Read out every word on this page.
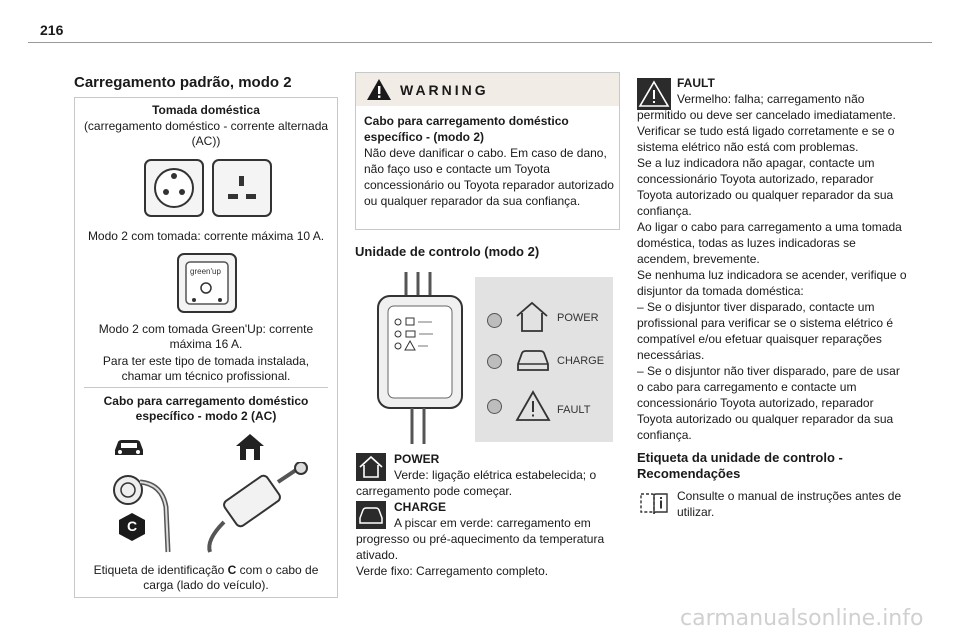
216
Carregamento padrão, modo 2
Tomada doméstica
(carregamento doméstico - corrente alternada (AC))
Modo 2 com tomada: corrente máxima 10 A.
green'up
Modo 2 com tomada Green'Up: corrente máxima 16 A.
Para ter este tipo de tomada instalada, chamar um técnico profissional.
Cabo para carregamento doméstico específico - modo 2 (AC)
C
Etiqueta de identificação C com o cabo de carga (lado do veículo).
WARNING
Cabo para carregamento doméstico específico - (modo 2)
Não deve danificar o cabo. Em caso de dano, não faço uso e contacte um Toyota concessionário ou Toyota reparador autorizado ou qualquer reparador da sua confiança.
Unidade de controlo (modo 2)
POWER
CHARGE
FAULT
POWER
Verde: ligação elétrica estabelecida; o carregamento pode começar.
CHARGE
A piscar em verde: carregamento em progresso ou pré-aquecimento da temperatura ativado.
Verde fixo: Carregamento completo.
FAULT
Vermelho: falha; carregamento não permitido ou deve ser cancelado imediatamente.
Verificar se tudo está ligado corretamente e se o sistema elétrico não está com problemas.
Se a luz indicadora não apagar, contacte um concessionário Toyota autorizado, reparador Toyota autorizado ou qualquer reparador da sua confiança.
Ao ligar o cabo para carregamento a uma tomada doméstica, todas as luzes indicadoras se acendem, brevemente.
Se nenhuma luz indicadora se acender, verifique o disjuntor da tomada doméstica:
– Se o disjuntor tiver disparado, contacte um profissional para verificar se o sistema elétrico é compatível e/ou efetuar quaisquer reparações necessárias.
– Se o disjuntor não tiver disparado, pare de usar o cabo para carregamento e contacte um concessionário Toyota autorizado, reparador Toyota autorizado ou qualquer reparador da sua confiança.
Etiqueta da unidade de controlo - Recomendações
Consulte o manual de instruções antes de utilizar.
carmanualsonline.info
